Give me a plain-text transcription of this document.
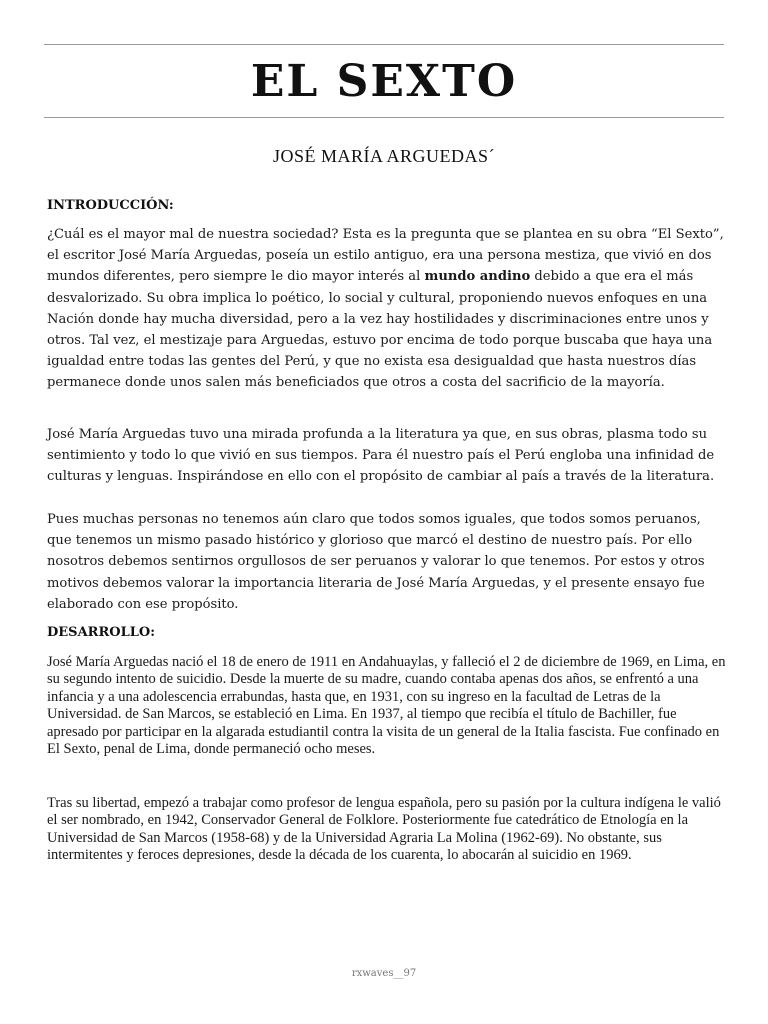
EL SEXTO
JOSÉ MARÍA ARGUEDAS´
INTRODUCCIÓN:

¿Cuál es el mayor mal de nuestra sociedad? Esta es la pregunta que se plantea en su obra “El Sexto”, el escritor José María Arguedas, poseía un estilo antiguo, era una persona mestiza, que vivió en dos mundos diferentes, pero siempre le dio mayor interés al mundo andino debido a que era el más desvalorizado. Su obra implica lo poético, lo social y cultural, proponiendo nuevos enfoques en una Nación donde hay mucha diversidad, pero a la vez hay hostilidades y discriminaciones entre unos y otros. Tal vez, el mestizaje para Arguedas, estuvo por encima de todo porque buscaba que haya una igualdad entre todas las gentes del Perú, y que no exista esa desigualdad que hasta nuestros días permanece donde unos salen más beneficiados que otros a costa del sacrificio de la mayoría.

José María Arguedas tuvo una mirada profunda a la literatura ya que, en sus obras, plasma todo su sentimiento y todo lo que vivió en sus tiempos. Para él nuestro país el Perú engloba una infinidad de culturas y lenguas. Inspirándose en ello con el propósito de cambiar al país a través de la literatura.

Pues muchas personas no tenemos aún claro que todos somos iguales, que todos somos peruanos, que tenemos un mismo pasado histórico y glorioso que marcó el destino de nuestro país. Por ello nosotros debemos sentirnos orgullosos de ser peruanos y valorar lo que tenemos. Por estos y otros motivos debemos valorar la importancia literaria de José María Arguedas, y el presente ensayo fue elaborado con ese propósito.

DESARROLLO:

José María Arguedas nació el 18 de enero de 1911 en Andahuaylas, y falleció el 2 de diciembre de 1969, en Lima, en su segundo intento de suicidio. Desde la muerte de su madre, cuando contaba apenas dos años, se enfrentó a una infancia y a una adolescencia errabundas, hasta que, en 1931, con su ingreso en la facultad de Letras de la Universidad. de San Marcos, se estableció en Lima. En 1937, al tiempo que recibía el título de Bachiller, fue apresado por participar en la algarada estudiantil contra la visita de un general de la Italia fascista. Fue confinado en El Sexto, penal de Lima, donde permaneció ocho meses.

Tras su libertad, empezó a trabajar como profesor de lengua española, pero su pasión por la cultura indígena le valió el ser nombrado, en 1942, Conservador General de Folklore. Posteriormente fue catedrático de Etnología en la Universidad de San Marcos (1958-68) y de la Universidad Agraria La Molina (1962-69). No obstante, sus intermitentes y feroces depresiones, desde la década de los cuarenta, lo abocarán al suicidio en 1969.

rxwaves__97
